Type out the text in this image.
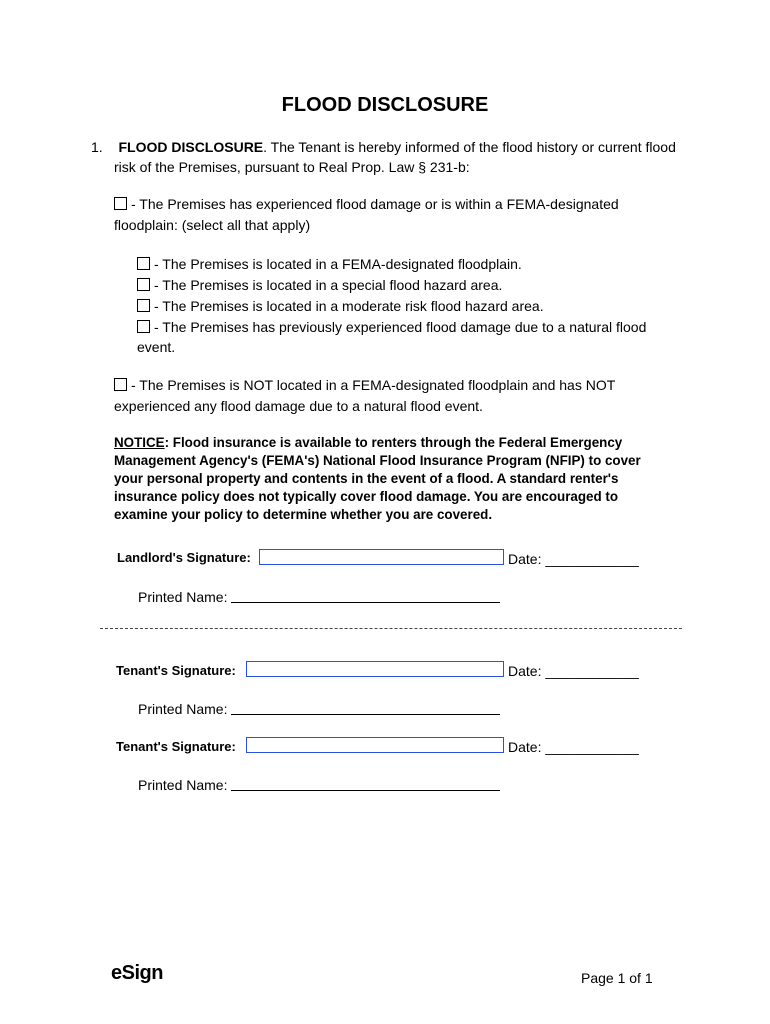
FLOOD DISCLOSURE
1. FLOOD DISCLOSURE. The Tenant is hereby informed of the flood history or current flood
risk of the Premises, pursuant to Real Prop. Law § 231-b:
- The Premises has experienced flood damage or is within a FEMA-designated
floodplain: (select all that apply)
- The Premises is located in a FEMA-designated floodplain.
- The Premises is located in a special flood hazard area.
- The Premises is located in a moderate risk flood hazard area.
- The Premises has previously experienced flood damage due to a natural flood
event.
- The Premises is NOT located in a FEMA-designated floodplain and has NOT
experienced any flood damage due to a natural flood event.
NOTICE: Flood insurance is available to renters through the Federal Emergency Management Agency's (FEMA's) National Flood Insurance Program (NFIP) to cover your personal property and contents in the event of a flood. A standard renter's insurance policy does not typically cover flood damage. You are encouraged to examine your policy to determine whether you are covered.
Landlord's Signature:	Date: ____________
Printed Name:
Tenant's Signature:	Date: ____________
Printed Name:
Tenant's Signature:	Date: ____________
Printed Name:
eSign	Page 1 of 1
